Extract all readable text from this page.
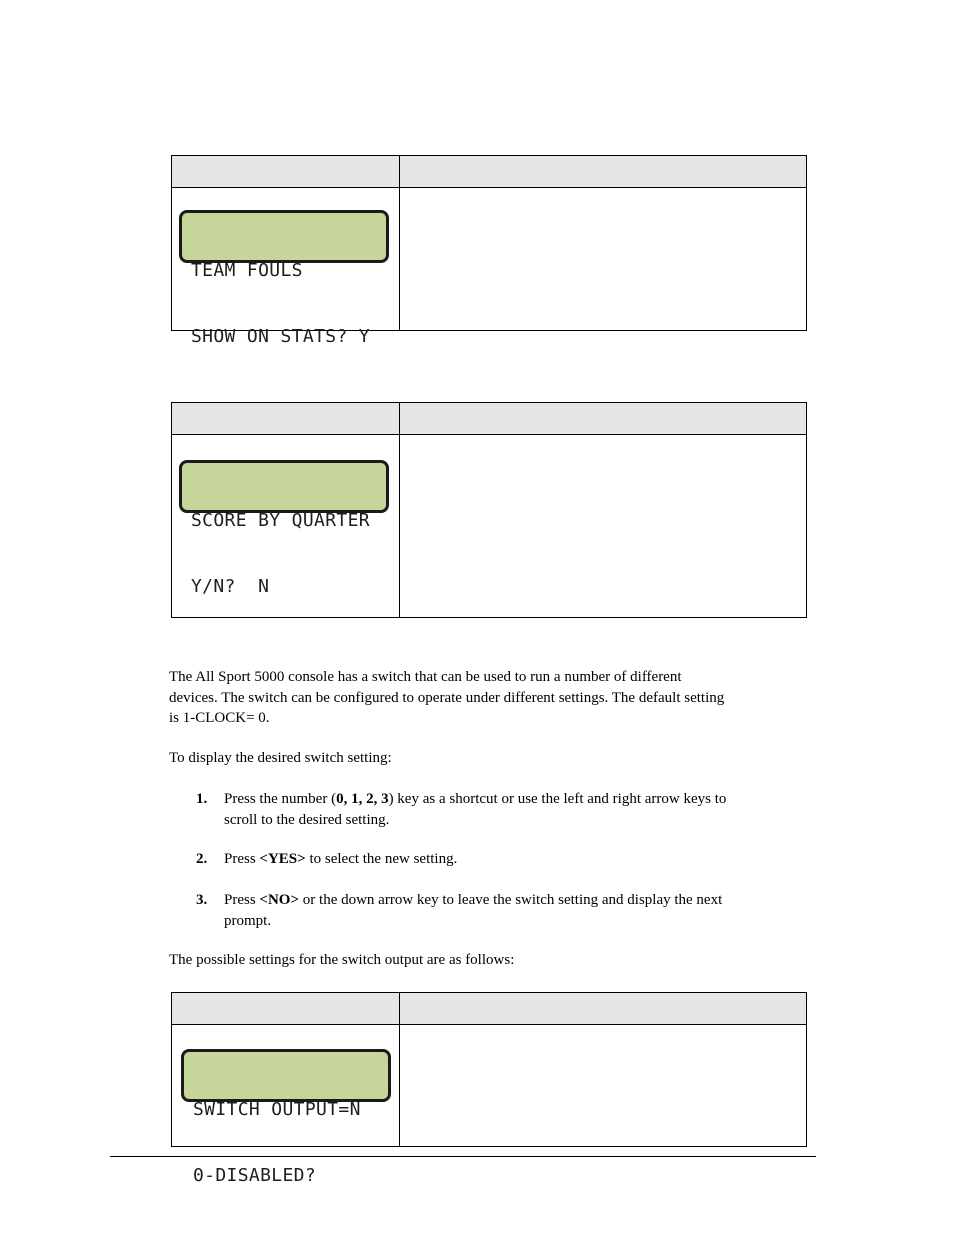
TEAM FOULS

SHOW ON STATS? Y

SCORE BY QUARTER

Y/N?  N

The All Sport 5000 console has a switch that can be used to run a number of different
devices. The switch can be configured to operate under different settings. The default setting
is 1-CLOCK= 0.
To display the desired switch setting:
1.	Press the number (0, 1, 2, 3) key as a shortcut or use the left and right arrow keys to
scroll to the desired setting.
2.	Press <YES> to select the new setting.
3.	Press <NO> or the down arrow key to leave the switch setting and display the next
prompt.
The possible settings for the switch output are as follows:

SWITCH OUTPUT=N

0-DISABLED?
